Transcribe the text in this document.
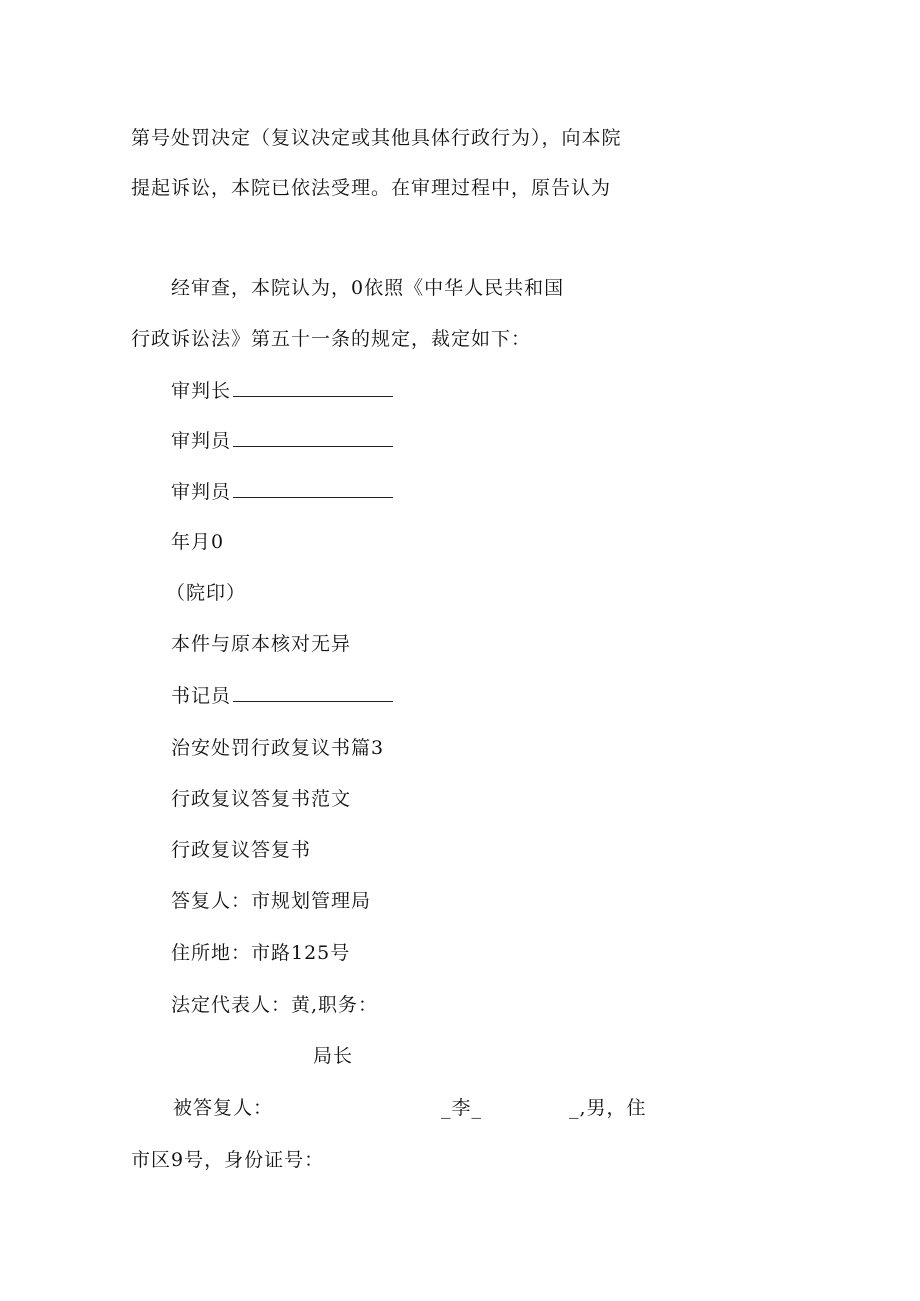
第号处罚决定（复议决定或其他具体行政行为），向本院
提起诉讼，本院已依法受理。在审理过程中，原告认为
经审查，本院认为，0依照《中华人民共和国
行政诉讼法》第五十一条的规定，裁定如下：
审判长
审判员
审判员
年月0
（院印）
本件与原本核对无异
书记员
治安处罚行政复议书篇3
行政复议答复书范文
行政复议答复书
答复人：市规划管理局
住所地：市路125号
法定代表人：黄,职务：
局长
被答复人：	_李_	_,男，住
市区9号，身份证号：
